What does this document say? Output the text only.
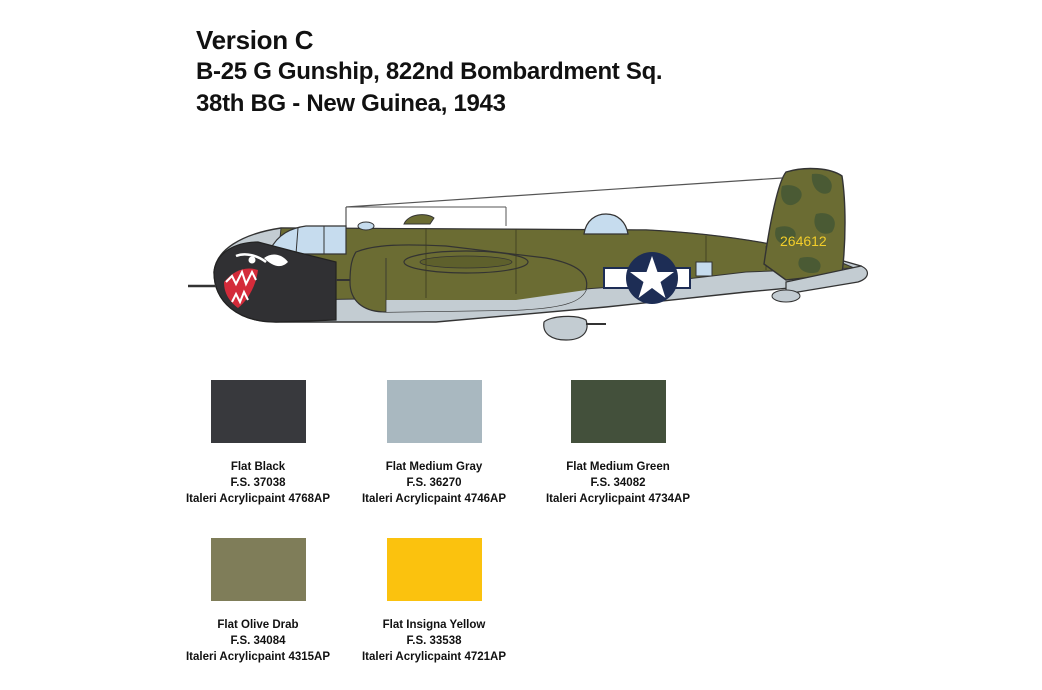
Version C
B-25 G Gunship, 822nd Bombardment Sq.
38th BG - New Guinea, 1943
264612
Flat Black
F.S. 37038
Italeri Acrylicpaint 4768AP
Flat Medium Gray
F.S. 36270
Italeri Acrylicpaint 4746AP
Flat Medium Green
F.S. 34082
Italeri Acrylicpaint 4734AP
Flat Olive Drab
F.S. 34084
Italeri Acrylicpaint 4315AP
Flat Insigna Yellow
F.S. 33538
Italeri Acrylicpaint 4721AP
